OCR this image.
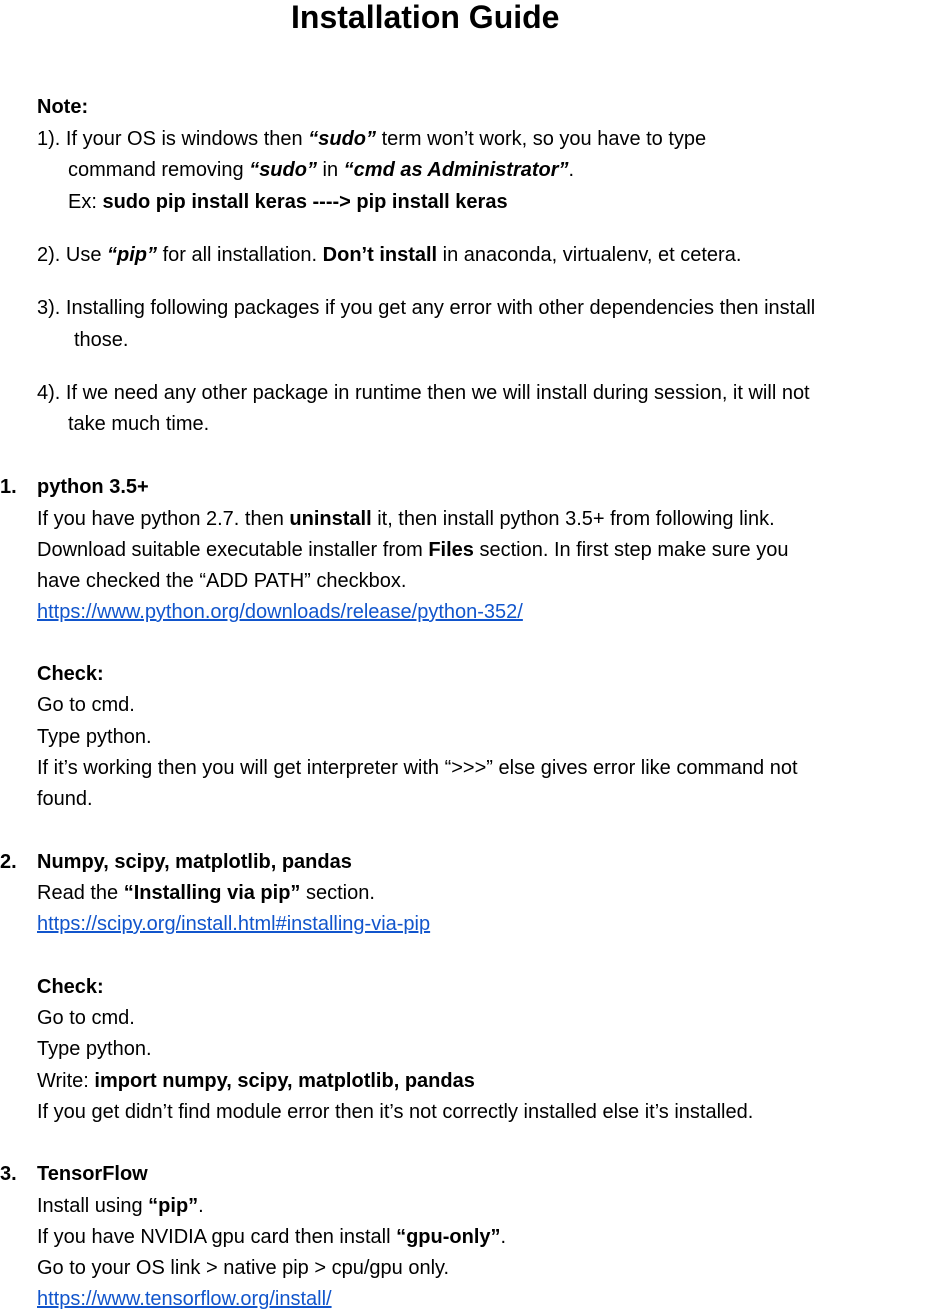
Installation Guide
Note:
1). If your OS is windows then “sudo” term won’t work, so you have to type
command removing “sudo” in “cmd as Administrator”.
Ex: sudo pip install keras ----> pip install keras
2). Use “pip” for all installation. Don’t install in anaconda, virtualenv, et cetera.
3). Installing following packages if you get any error with other dependencies then install
those.
4). If we need any other package in runtime then we will install during session, it will not
take much time.
1. python 3.5+
If you have python 2.7. then uninstall it, then install python 3.5+ from following link.
Download suitable executable installer from Files section. In first step make sure you
have checked the “ADD PATH” checkbox.
https://www.python.org/downloads/release/python-352/
Check:
Go to cmd.
Type python.
If it’s working then you will get interpreter with “>>>” else gives error like command not
found.
2. Numpy, scipy, matplotlib, pandas
Read the “Installing via pip” section.
https://scipy.org/install.html#installing-via-pip
Check:
Go to cmd.
Type python.
Write: import numpy, scipy, matplotlib, pandas
If you get didn’t find module error then it’s not correctly installed else it’s installed.
3. TensorFlow
Install using “pip”.
If you have NVIDIA gpu card then install “gpu-only”.
Go to your OS link > native pip > cpu/gpu only.
https://www.tensorflow.org/install/
